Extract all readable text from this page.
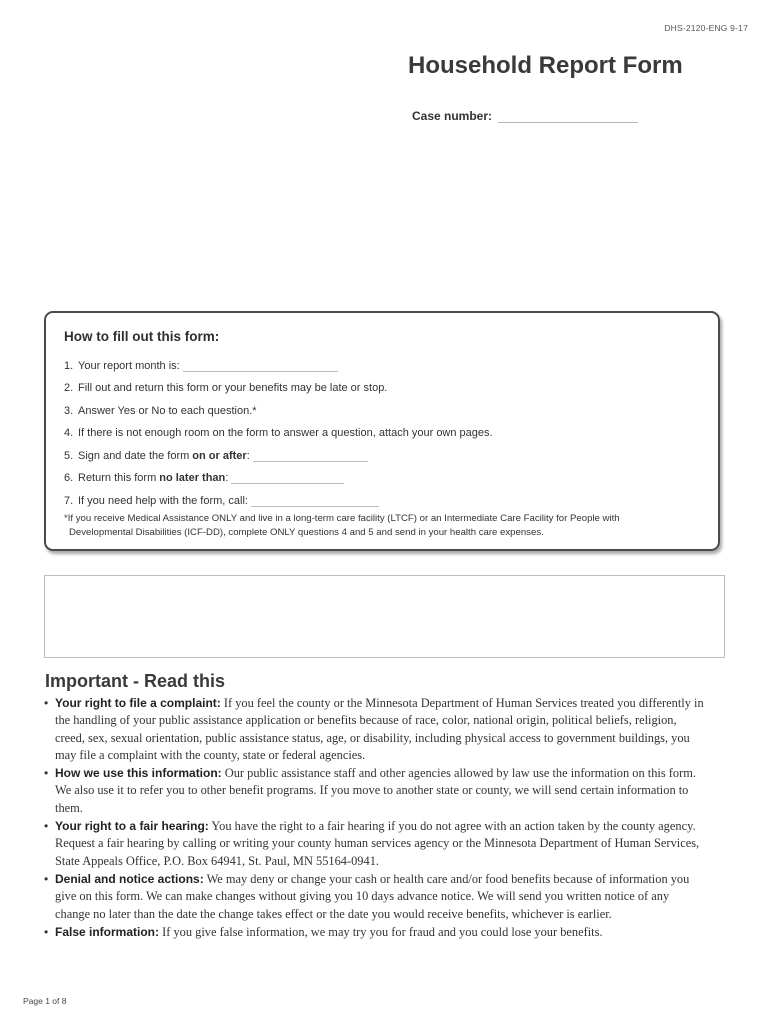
DHS-2120-ENG 9-17
Household Report Form
Case number:
How to fill out this form:
1. Your report month is:
2. Fill out and return this form or your benefits may be late or stop.
3. Answer Yes or No to each question.*
4. If there is not enough room on the form to answer a question, attach your own pages.
5. Sign and date the form on or after :
6. Return this form no later than :
7. If you need help with the form, call:
*If you receive Medical Assistance ONLY and live in a long-term care facility (LTCF) or an Intermediate Care Facility for People with
Developmental Disabilities (ICF-DD), complete ONLY questions 4 and 5 and send in your health care expenses.
Important - Read this
• Your right to file a complaint: If you feel the county or the Minnesota Department of Human Services treated you differently in the handling of your public assistance application or benefits because of race, color, national origin, political beliefs, religion, creed, sex, sexual orientation, public assistance status, age, or disability, including physical access to government buildings, you may file a complaint with the county, state or federal agencies.
• How we use this information: Our public assistance staff and other agencies allowed by law use the information on this form. We also use it to refer you to other benefit programs. If you move to another state or county, we will send certain information to them.
• Your right to a fair hearing: You have the right to a fair hearing if you do not agree with an action taken by the county agency. Request a fair hearing by calling or writing your county human services agency or the Minnesota Department of Human Services, State Appeals Office, P.O. Box 64941, St. Paul, MN 55164-0941.
• Denial and notice actions: We may deny or change your cash or health care and/or food benefits because of information you give on this form. We can make changes without giving you 10 days advance notice. We will send you written notice of any change no later than the date the change takes effect or the date you would receive benefits, whichever is earlier.
• False information: If you give false information, we may try you for fraud and you could lose your benefits.
Page 1 of 8
